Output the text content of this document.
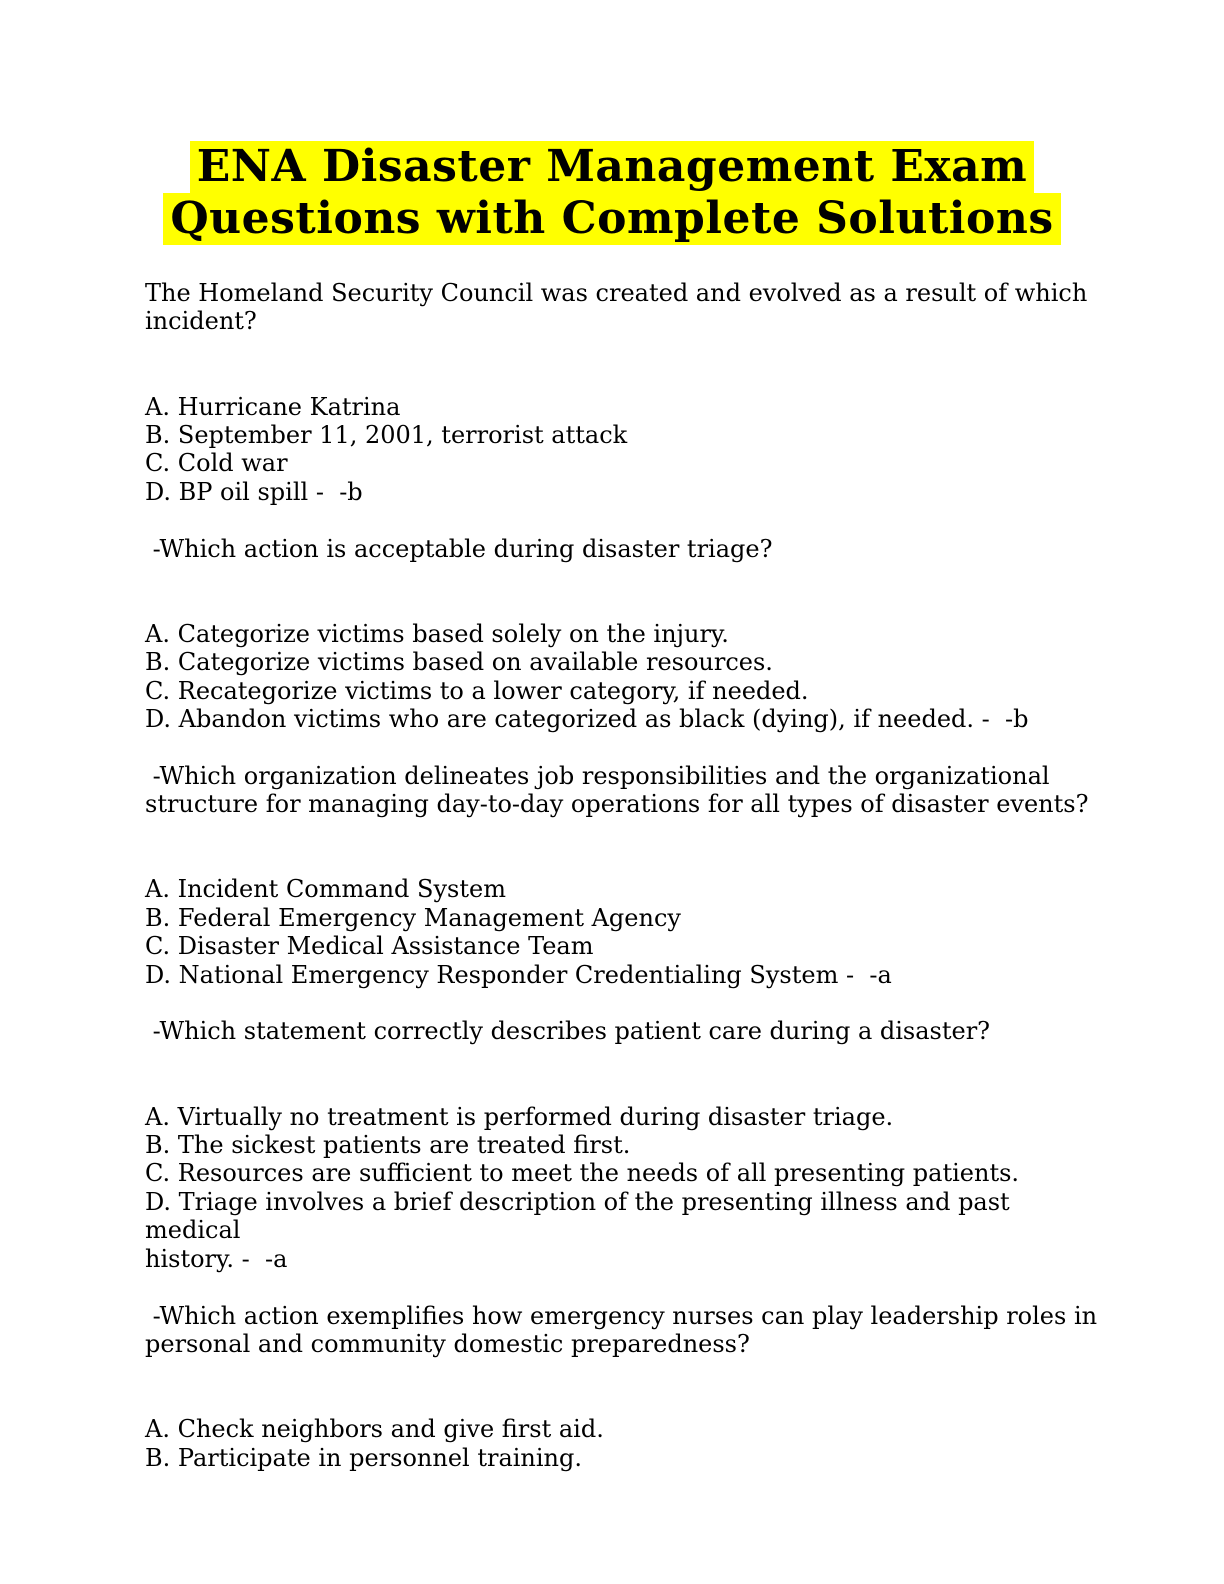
ENA Disaster Management Exam
Questions with Complete Solutions
The Homeland Security Council was created and evolved as a result of which
incident?
A. Hurricane Katrina
B. September 11, 2001, terrorist attack
C. Cold war
D. BP oil spill -  -b
-Which action is acceptable during disaster triage?
A. Categorize victims based solely on the injury.
B. Categorize victims based on available resources.
C. Recategorize victims to a lower category, if needed.
D. Abandon victims who are categorized as black (dying), if needed. -  -b
-Which organization delineates job responsibilities and the organizational
structure for managing day-to-day operations for all types of disaster events?
A. Incident Command System
B. Federal Emergency Management Agency
C. Disaster Medical Assistance Team
D. National Emergency Responder Credentialing System -  -a
-Which statement correctly describes patient care during a disaster?
A. Virtually no treatment is performed during disaster triage.
B. The sickest patients are treated first.
C. Resources are sufficient to meet the needs of all presenting patients.
D. Triage involves a brief description of the presenting illness and past medical
history. -  -a
-Which action exemplifies how emergency nurses can play leadership roles in
personal and community domestic preparedness?
A. Check neighbors and give first aid.
B. Participate in personnel training.
